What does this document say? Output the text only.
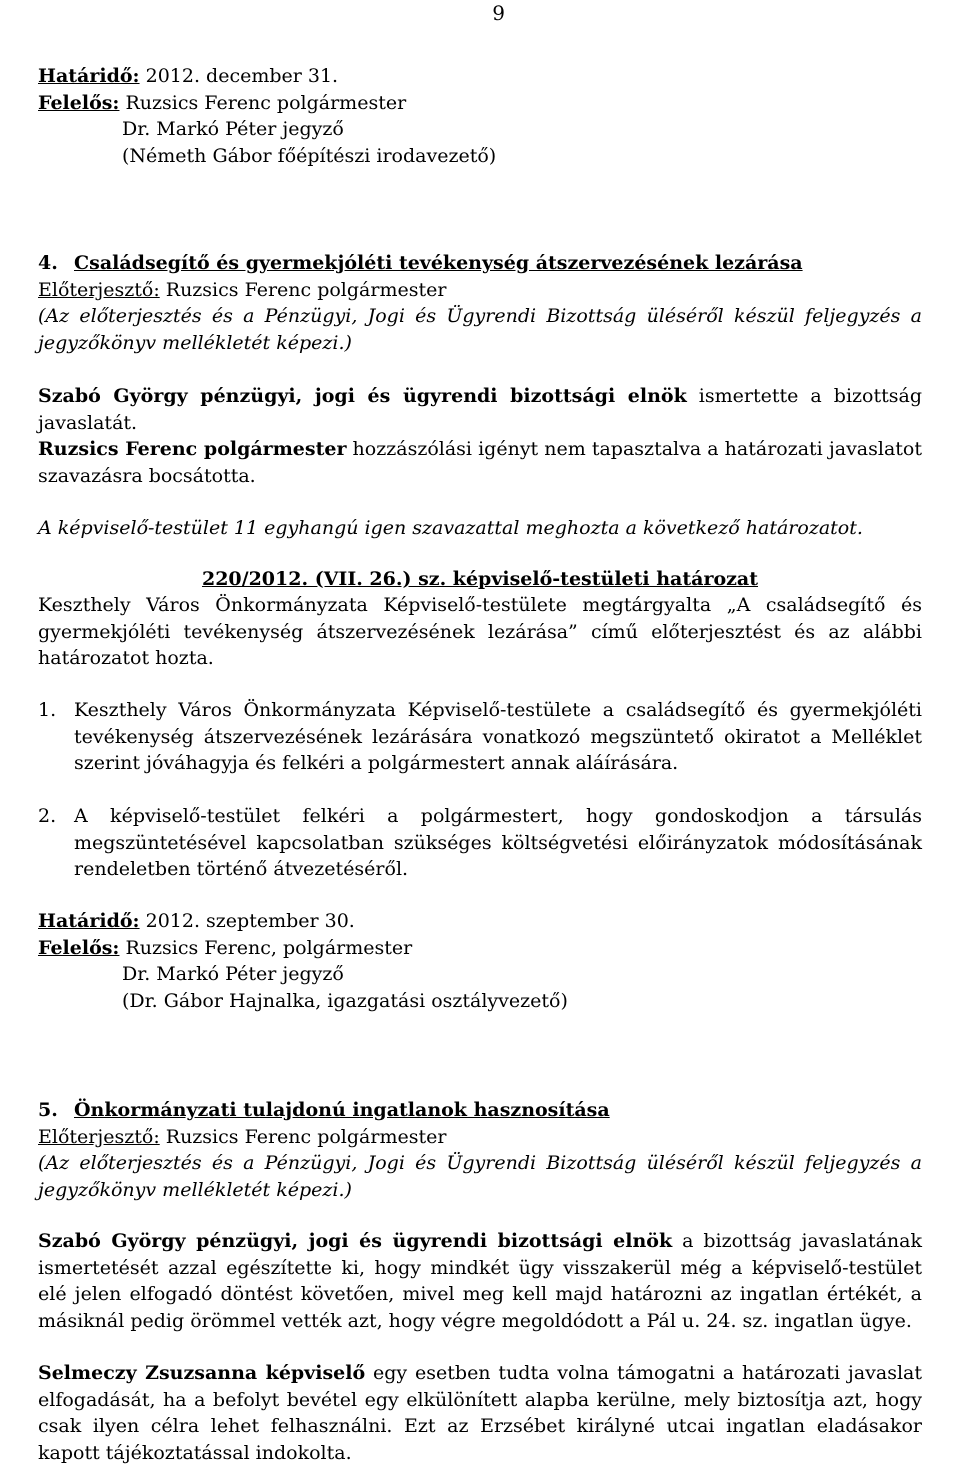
9
Határidő: 2012. december 31.
Felelős: Ruzsics Ferenc polgármester
Dr. Markó Péter jegyző
(Németh Gábor főépítészi irodavezető)
4. Családsegítő és gyermekjóléti tevékenység átszervezésének lezárása
Előterjesztő: Ruzsics Ferenc polgármester
(Az előterjesztés és a Pénzügyi, Jogi és Ügyrendi Bizottság üléséről készül feljegyzés a jegyzőkönyv mellékletét képezi.)
Szabó György pénzügyi, jogi és ügyrendi bizottsági elnök ismertette a bizottság javaslatát.
Ruzsics Ferenc polgármester hozzászólási igényt nem tapasztalva a határozati javaslatot szavazásra bocsátotta.
A képviselő-testület 11 egyhangú igen szavazattal meghozta a következő határozatot.
220/2012. (VII. 26.) sz. képviselő-testületi határozat
Keszthely Város Önkormányzata Képviselő-testülete megtárgyalta „A családsegítő és gyermekjóléti tevékenység átszervezésének lezárása” című előterjesztést és az alábbi határozatot hozta.
1. Keszthely Város Önkormányzata Képviselő-testülete a családsegítő és gyermekjóléti tevékenység átszervezésének lezárására vonatkozó megszüntető okiratot a Melléklet szerint jóváhagyja és felkéri a polgármestert annak aláírására.
2. A képviselő-testület felkéri a polgármestert, hogy gondoskodjon a társulás megszüntetésével kapcsolatban szükséges költségvetési előirányzatok módosításának rendeletben történő átvezetéséről.
Határidő: 2012. szeptember 30.
Felelős: Ruzsics Ferenc, polgármester
Dr. Markó Péter jegyző
(Dr. Gábor Hajnalka, igazgatási osztályvezető)
5. Önkormányzati tulajdonú ingatlanok hasznosítása
Előterjesztő: Ruzsics Ferenc polgármester
(Az előterjesztés és a Pénzügyi, Jogi és Ügyrendi Bizottság üléséről készül feljegyzés a jegyzőkönyv mellékletét képezi.)
Szabó György pénzügyi, jogi és ügyrendi bizottsági elnök a bizottság javaslatának ismertetését azzal egészítette ki, hogy mindkét ügy visszakerül még a képviselő-testület elé jelen elfogadó döntést követően, mivel meg kell majd határozni az ingatlan értékét, a másiknál pedig örömmel vették azt, hogy végre megoldódott a Pál u. 24. sz. ingatlan ügye.
Selmeczy Zsuzsanna képviselő egy esetben tudta volna támogatni a határozati javaslat elfogadását, ha a befolyt bevétel egy elkülönített alapba kerülne, mely biztosítja azt, hogy csak ilyen célra lehet felhasználni. Ezt az Erzsébet királyné utcai ingatlan eladásakor kapott tájékoztatással indokolta.
